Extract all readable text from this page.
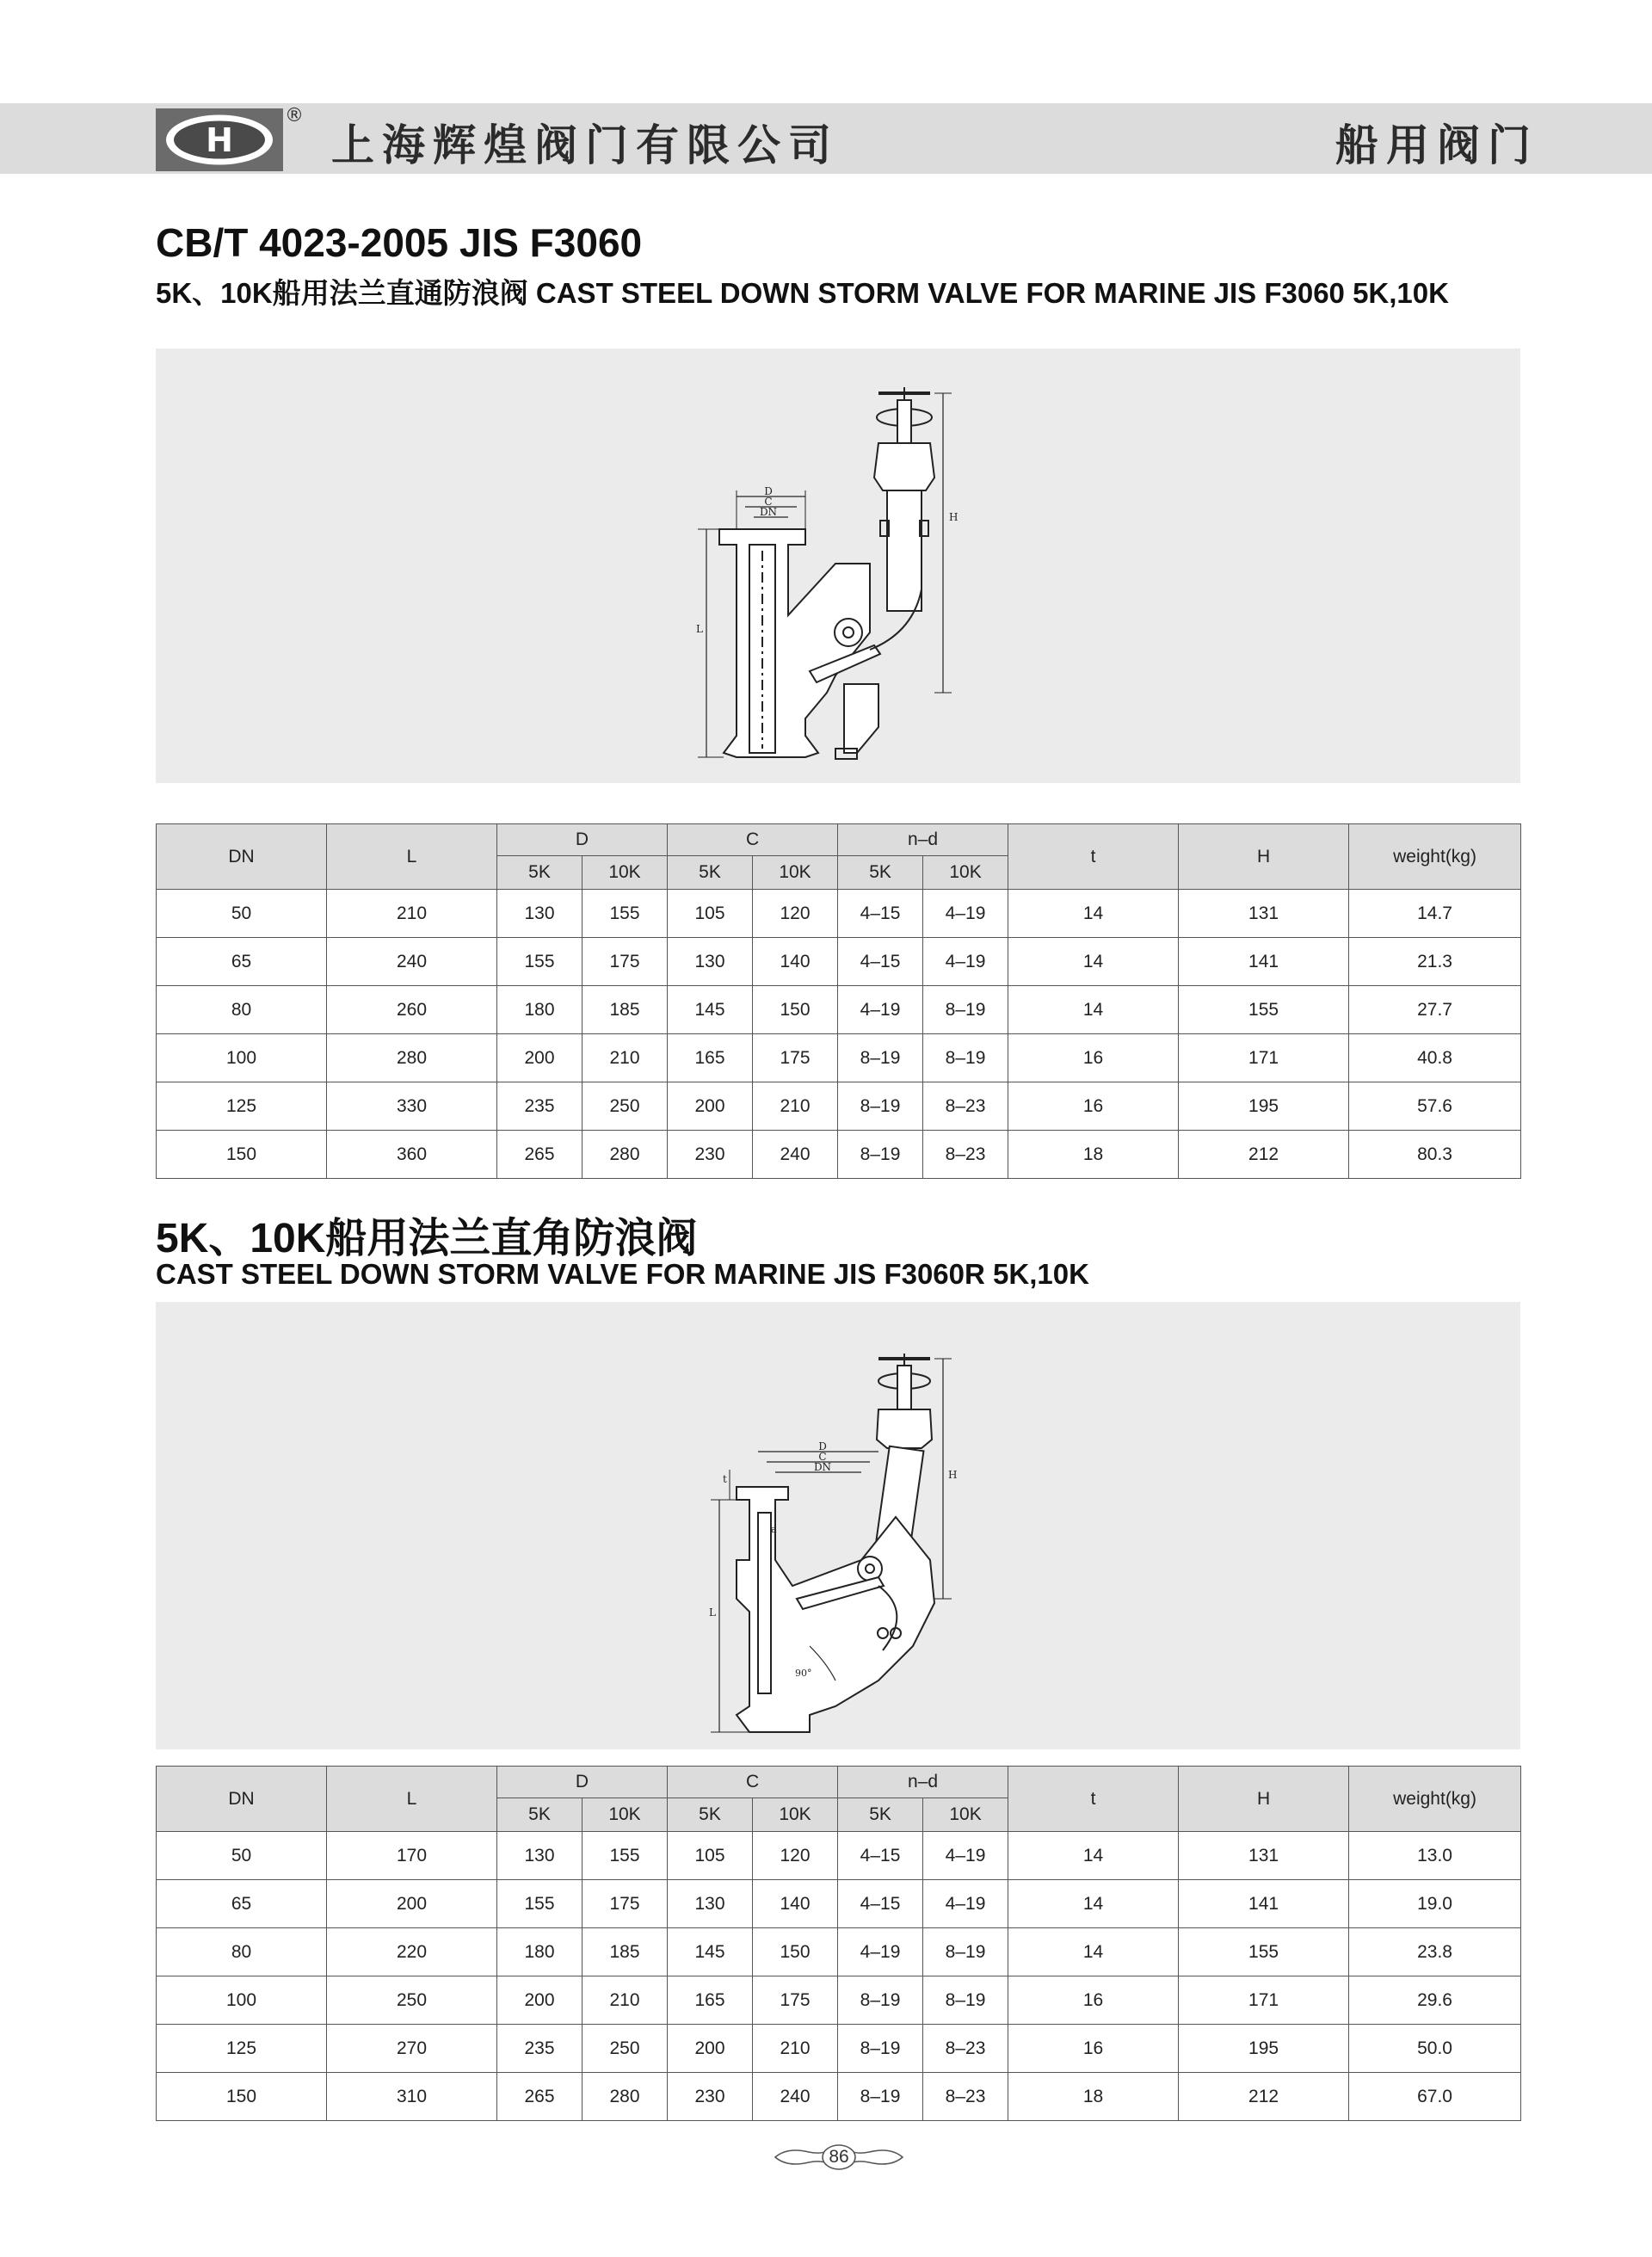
H
®
上海辉煌阀门有限公司	船用阀门
CB/T 4023-2005 JIS F3060
5K、10K船用法兰直通防浪阀 CAST STEEL DOWN STORM VALVE FOR MARINE JIS F3060 5K,10K
D
C
DN	H
L
DN	L	D		C		n–d		t	H	weight(kg)
		5K	10K	5K	10K	5K	10K			
50	210	130	155	105	120	4–15	4–19	14	131	14.7
65	240	155	175	130	140	4–15	4–19	14	141	21.3
80	260	180	185	145	150	4–19	8–19	14	155	27.7
100	280	200	210	165	175	8–19	8–19	16	171	40.8
125	330	235	250	200	210	8–19	8–23	16	195	57.6
150	360	265	280	230	240	8–19	8–23	18	212	80.3
5K、10K船用法兰直角防浪阀
CAST STEEL DOWN STORM VALVE FOR MARINE JIS F3060R 5K,10K
D
C
DN
H
L
t
a
90°
DN	L	D		C		n–d		t	H	weight(kg)
		5K	10K	5K	10K	5K	10K			
50	170	130	155	105	120	4–15	4–19	14	131	13.0
65	200	155	175	130	140	4–15	4–19	14	141	19.0
80	220	180	185	145	150	4–19	8–19	14	155	23.8
100	250	200	210	165	175	8–19	8–19	16	171	29.6
125	270	235	250	200	210	8–19	8–23	16	195	50.0
150	310	265	280	230	240	8–19	8–23	18	212	67.0
86
